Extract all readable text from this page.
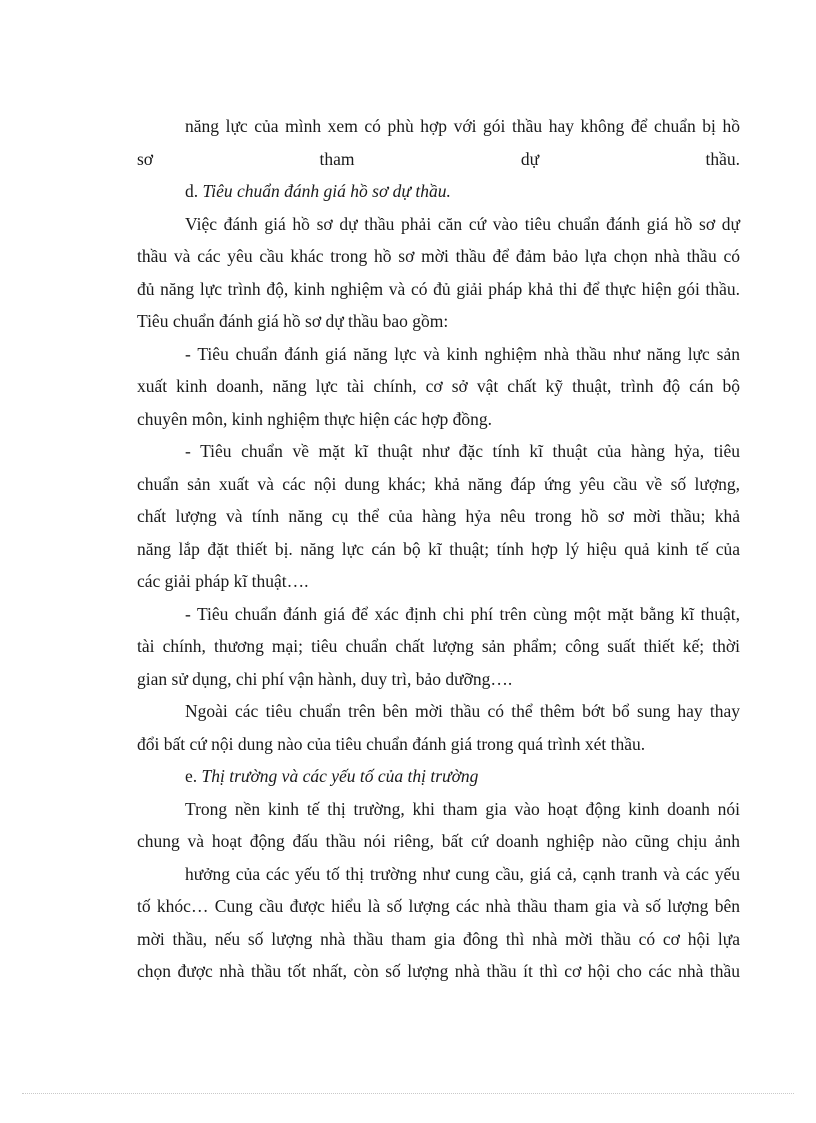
năng lực của mình xem có phù hợp với gói thầu hay không để chuẩn bị hồ

sơ tham dự thầu.

d. Tiêu chuẩn đánh giá hồ sơ dự thầu.

Việc đánh giá hồ sơ dự thầu phải căn cứ vào tiêu chuẩn đánh giá hồ sơ dự

thầu và các yêu cầu khác trong hồ sơ mời thầu để đảm bảo lựa chọn nhà thầu có

đủ năng lực trình độ, kinh nghiệm và có đủ giải pháp khả thi để thực hiện gói thầu.

Tiêu chuẩn đánh giá hồ sơ dự thầu bao gồm:

- Tiêu chuẩn đánh giá năng lực và kinh nghiệm nhà thầu như năng lực sản

xuất kinh doanh, năng lực tài chính, cơ sở vật chất kỹ thuật, trình độ cán bộ

chuyên môn, kinh nghiệm thực hiện các hợp đồng.

- Tiêu chuẩn về mặt kĩ thuật như đặc tính kĩ thuật của hàng hỷa, tiêu

chuẩn sản xuất và các nội dung khác; khả năng đáp ứng yêu cầu về số lượng,

chất lượng và tính năng cụ thể của hàng hỷa nêu trong hồ sơ mời thầu; khả

năng lắp đặt thiết bị. năng lực cán bộ kĩ thuật; tính hợp lý hiệu quả kinh tế của

các giải pháp kĩ thuật….

- Tiêu chuẩn đánh giá để xác định chi phí trên cùng một mặt bằng kĩ thuật,

tài chính, thương mại; tiêu chuẩn chất lượng sản phẩm; công suất thiết kế; thời

gian sử dụng, chi phí vận hành, duy trì, bảo dưỡng….

Ngoài các tiêu chuẩn trên bên mời thầu có thể thêm bớt bổ sung hay thay

đổi bất cứ nội dung nào của tiêu chuẩn đánh giá trong quá trình xét thầu.

e. Thị trường và các yếu tố của thị trường

Trong nền kinh tế thị trường, khi tham gia vào hoạt động kinh doanh nói

chung và hoạt động đấu thầu nói riêng, bất cứ doanh nghiệp nào cũng chịu ảnh

hưởng của các yếu tố thị trường như cung cầu, giá cả, cạnh tranh và các yếu

tố khóc… Cung cầu được hiểu là số lượng các nhà thầu tham gia và số lượng bên

mời thầu, nếu số lượng nhà thầu tham gia đông thì nhà mời thầu có cơ hội lựa

chọn được nhà thầu tốt nhất, còn số lượng nhà thầu ít thì cơ hội cho các nhà thầu
